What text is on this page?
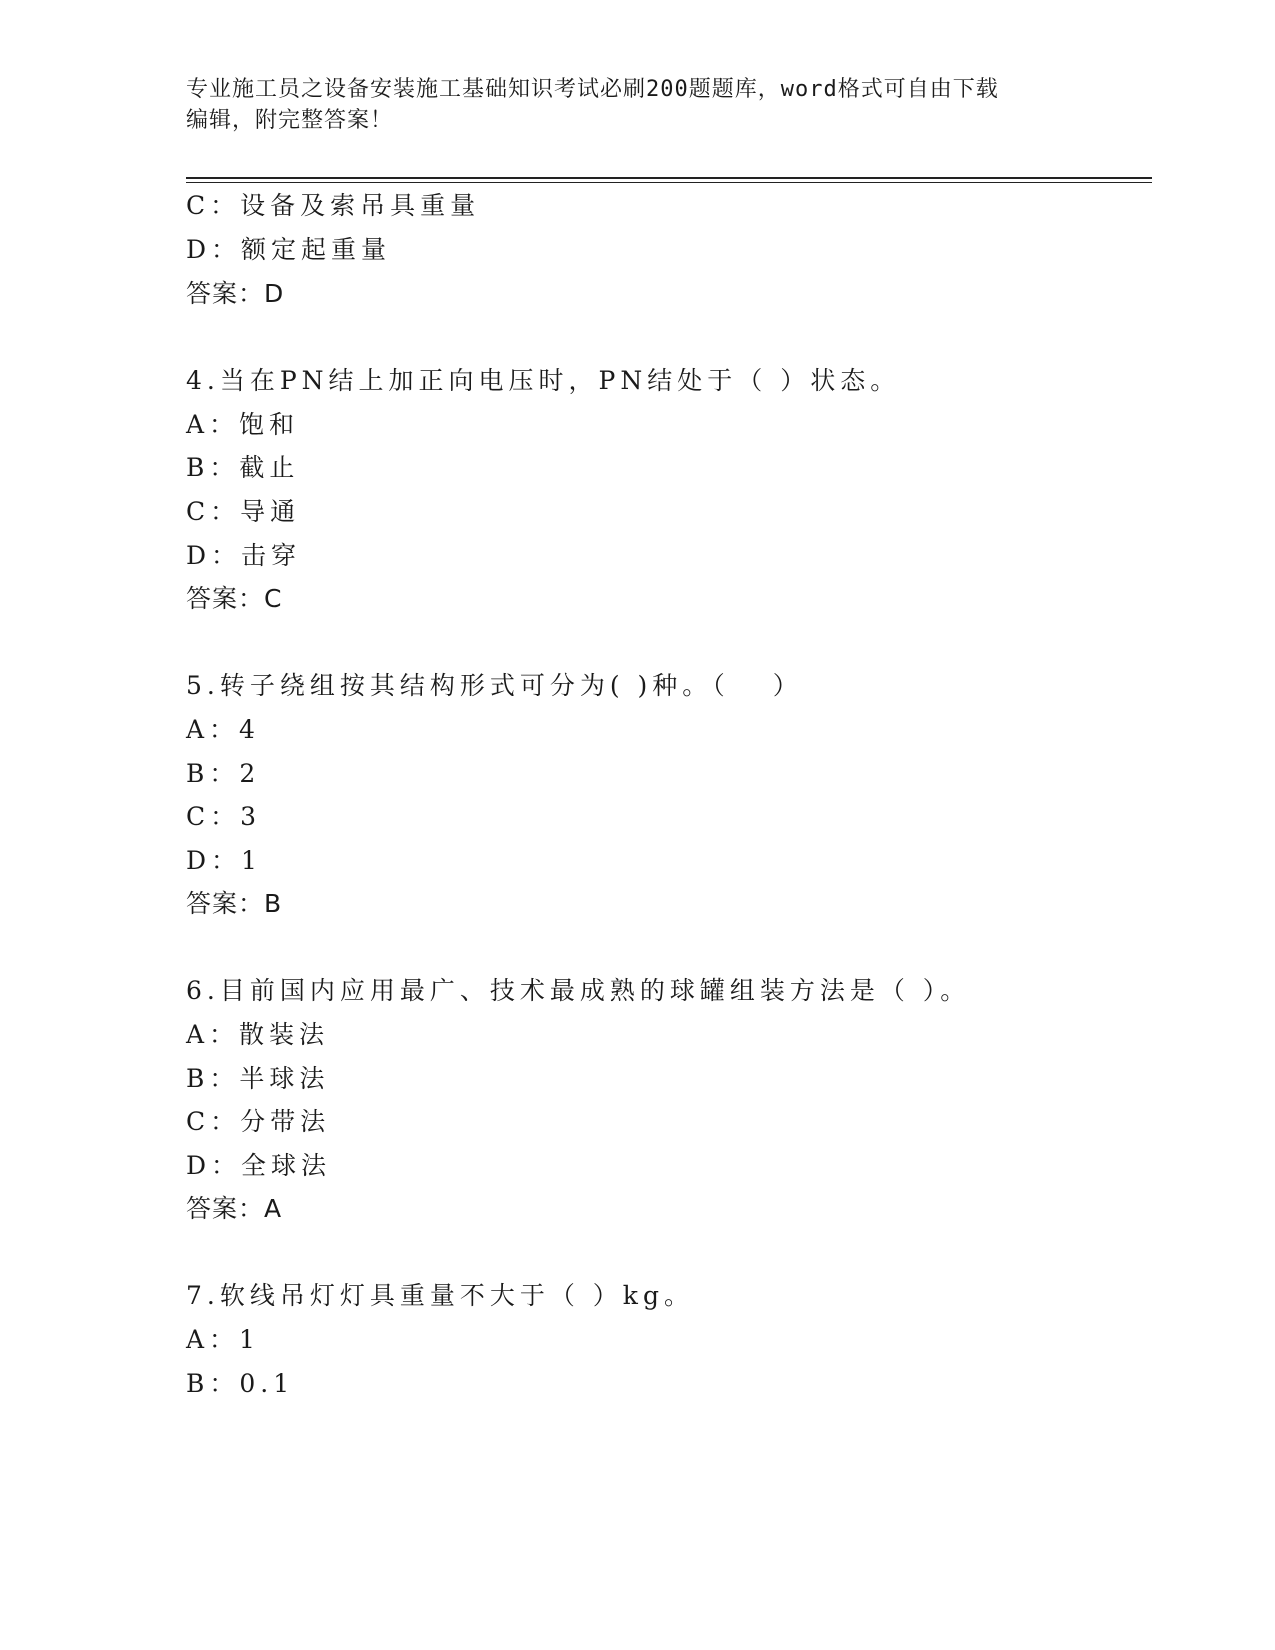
专业施工员之设备安装施工基础知识考试必刷200题题库，word格式可自由下载
编辑，附完整答案！
C：设备及索吊具重量
D：额定起重量
答案：D
4.当在PN结上加正向电压时，PN结处于（ ）状态。
A：饱和
B：截止
C：导通
D：击穿
答案：C
5.转子绕组按其结构形式可分为( )种。（　 ）
A：4
B：2
C：3
D：1
答案：B
6.目前国内应用最广、技术最成熟的球罐组装方法是（ ）。
A：散装法
B：半球法
C：分带法
D：全球法
答案：A
7.软线吊灯灯具重量不大于（ ）kg。
A：1
B：0.1
